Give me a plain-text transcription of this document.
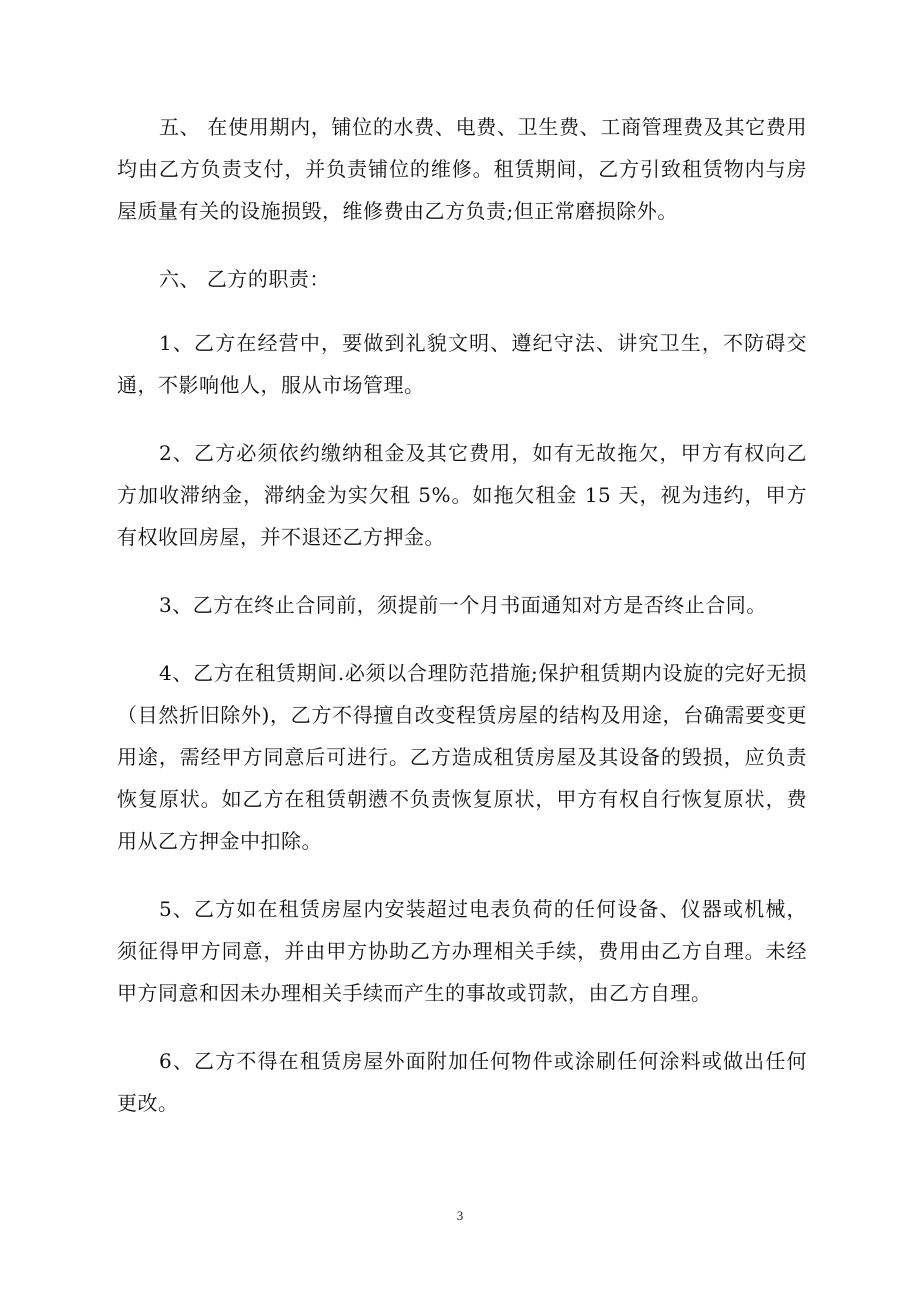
五、 在使用期内，铺位的水费、电费、卫生费、工商管理费及其它费用均由乙方负责支付，并负责铺位的维修。租赁期间，乙方引致租赁物内与房屋质量有关的设施损毁，维修费由乙方负责;但正常磨损除外。

六、 乙方的职责：

1、乙方在经营中，要做到礼貌文明、遵纪守法、讲究卫生，不防碍交通，不影响他人，服从市场管理。

2、乙方必须依约缴纳租金及其它费用，如有无故拖欠，甲方有权向乙方加收滞纳金，滞纳金为实欠租 5%。如拖欠租金 15 天，视为违约，甲方有权收回房屋，并不退还乙方押金。

3、乙方在终止合同前，须提前一个月书面通知对方是否终止合同。

4、乙方在租赁期间.必须以合理防范措施;保护租赁期内设旋的完好无损 （目然折旧除外)，乙方不得擅自改变程赁房屋的结构及用途，台确需要变更用途，需经甲方同意后可进行。乙方造成租赁房屋及其设备的毁损，应负责恢复原状。如乙方在租赁朝懑不负责恢复原状，甲方有权自行恢复原状，费用从乙方押金中扣除。

5、乙方如在租赁房屋内安装超过电表负荷的任何设备、仪器或机械，须征得甲方同意，并由甲方协助乙方办理相关手续，费用由乙方自理。未经甲方同意和因未办理相关手续而产生的事故或罚款，由乙方自理。

6、乙方不得在租赁房屋外面附加任何物件或涂刷任何涂料或做出任何更改。

3
